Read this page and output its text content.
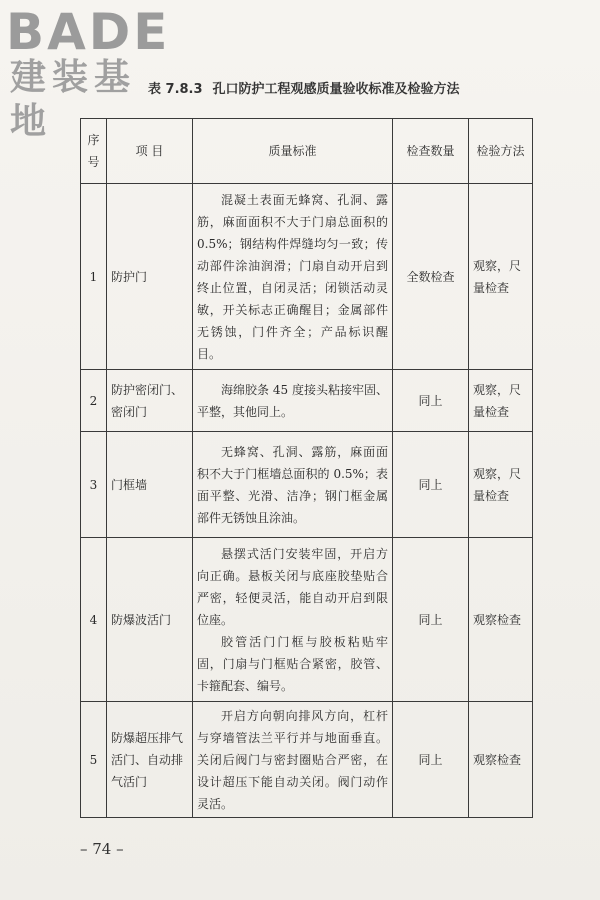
BADE
建装基地
表 7.8.3 孔口防护工程观感质量验收标准及检验方法
序号	项 目	质量标准	检查数量	检验方法
1	防护门	混凝土表面无蜂窝、孔洞、露筋，麻面面积不大于门扇总面积的 0.5%；钢结构件焊缝均匀一致；传动部件涂油润滑；门扇自动开启到终止位置，自闭灵活；闭锁活动灵敏，开关标志正确醒目；金属部件无锈蚀，门件齐全；产品标识醒目。	全数检查	观察，尺量检查
2	防护密闭门、密闭门	海绵胶条 45 度接头粘接牢固、平整，其他同上。	同上	观察，尺量检查
3	门框墙	无蜂窝、孔洞、露筋，麻面面积不大于门框墙总面积的 0.5%；表面平整、光滑、洁净；钢门框金属部件无锈蚀且涂油。	同上	观察，尺量检查
4	防爆波活门	悬摆式活门安装牢固，开启方向正确。悬板关闭与底座胶垫贴合严密，轻便灵活，能自动开启到限位座。
胶管活门门框与胶板粘贴牢固，门扇与门框贴合紧密，胶管、卡箍配套、编号。	同上	观察检查
5	防爆超压排气活门、自动排气活门	开启方向朝向排风方向，杠杆与穿墙管法兰平行并与地面垂直。关闭后阀门与密封圈贴合严密，在设计超压下能自动关闭。阀门动作灵活。	同上	观察检查
– 74 –
